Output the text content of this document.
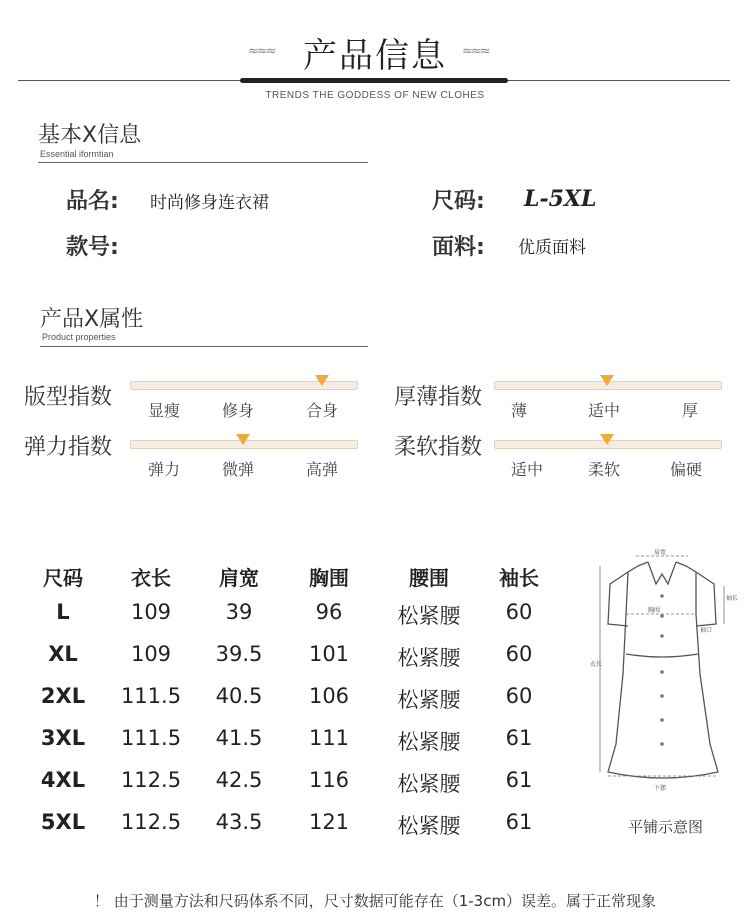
≈≈≈ 产品信息	≈≈≈
TRENDS THE GODDESS OF NEW CLOHES
基本X信息
Essential iformtian
品名: 时尚修身连衣裙	尺码: L-5XL
款号:	面料: 优质面料
产品X属性
Product properties
版型指数
显瘦	修身	合身
厚薄指数
薄	适中	厚
弹力指数
弹力	微弹	高弹
柔软指数
适中	柔软	偏硬
尺码	衣长	肩宽	胸围	腰围	袖长
L	109	39	96	松紧腰	60
XL	109	39.5	101	松紧腰	60
2XL	111.5	40.5	106	松紧腰	60
3XL	111.5	41.5	111	松紧腰	61
4XL	112.5	42.5	116	松紧腰	61
5XL	112.5	43.5	121	松紧腰	61
肩宽
袖长
袖口
胸围
衣长
下摆
平铺示意图
！ 由于测量方法和尺码体系不同，尺寸数据可能存在（1-3cm）误差。属于正常现象
